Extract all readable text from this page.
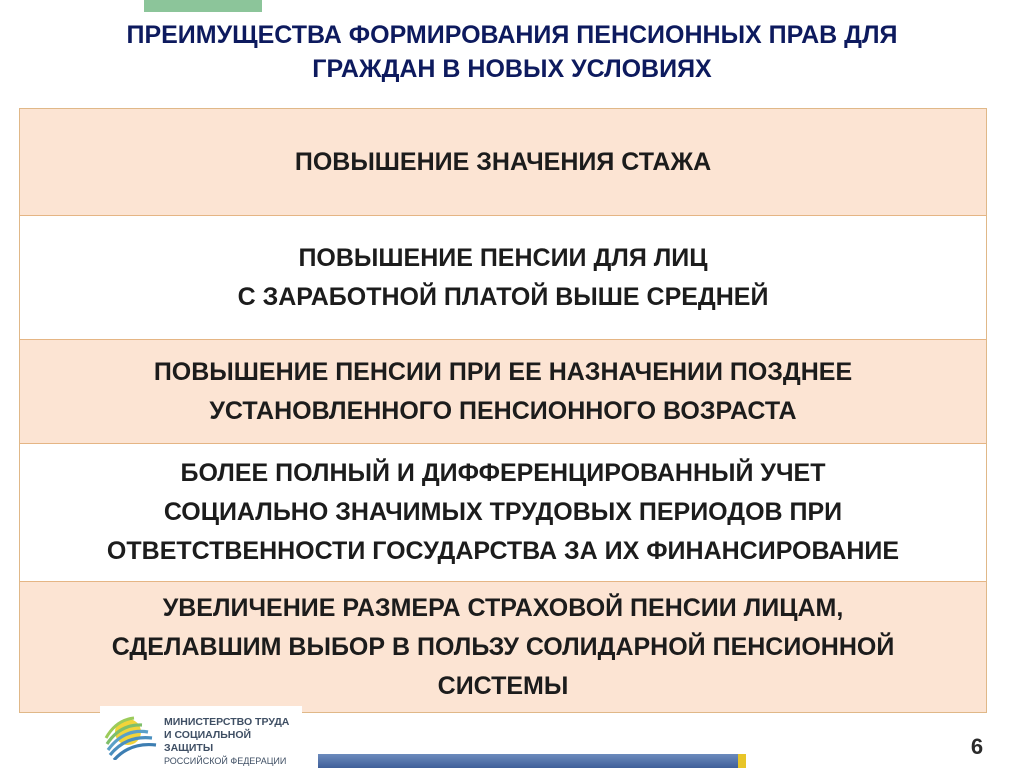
ПРЕИМУЩЕСТВА ФОРМИРОВАНИЯ ПЕНСИОННЫХ ПРАВ ДЛЯ
ГРАЖДАН В НОВЫХ УСЛОВИЯХ
ПОВЫШЕНИЕ ЗНАЧЕНИЯ СТАЖА
ПОВЫШЕНИЕ ПЕНСИИ ДЛЯ ЛИЦ
С ЗАРАБОТНОЙ ПЛАТОЙ ВЫШЕ СРЕДНЕЙ
ПОВЫШЕНИЕ ПЕНСИИ ПРИ ЕЕ НАЗНАЧЕНИИ ПОЗДНЕЕ
УСТАНОВЛЕННОГО ПЕНСИОННОГО ВОЗРАСТА
БОЛЕЕ ПОЛНЫЙ И ДИФФЕРЕНЦИРОВАННЫЙ УЧЕТ
СОЦИАЛЬНО ЗНАЧИМЫХ ТРУДОВЫХ ПЕРИОДОВ ПРИ
ОТВЕТСТВЕННОСТИ ГОСУДАРСТВА ЗА ИХ ФИНАНСИРОВАНИЕ
УВЕЛИЧЕНИЕ РАЗМЕРА СТРАХОВОЙ ПЕНСИИ ЛИЦАМ,
СДЕЛАВШИМ ВЫБОР В ПОЛЬЗУ СОЛИДАРНОЙ ПЕНСИОННОЙ
СИСТЕМЫ
МИНИСТЕРСТВО ТРУДА
И СОЦИАЛЬНОЙ ЗАЩИТЫ
РОССИЙСКОЙ ФЕДЕРАЦИИ
6
